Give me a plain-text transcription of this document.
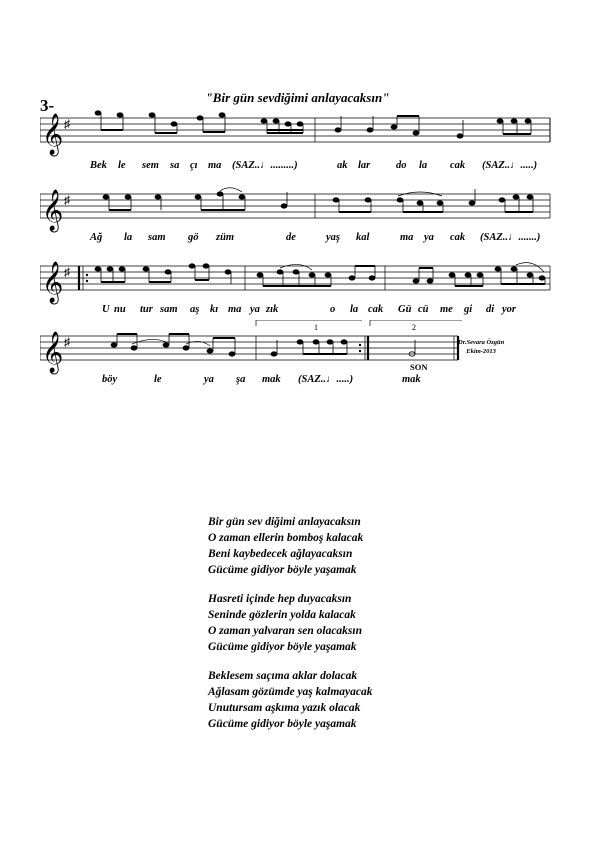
"Bir gün sevdiğimi anlayacaksın"
3-
𝄞 ♯
Bek le sem sa çı ma (SAZ..♩.........)	ak lar do la cak (SAZ..♩.....)
𝄞 ♯
Ağ la sam gö züm	de	yaş kal	ma ya cak (SAZ..♩.......)
𝄞 ♯
U nu tur sam aş kı ma ya zık	o la cak Gü cü me gi di yor
1	2
𝄞 ♯
böy	le	ya şa mak (SAZ..♩.....)	mak
SON
Dr.Sevara Özgün
Ekim-2013
Bir gün sev diğimi anlayacaksın
O zaman ellerin bomboş kalacak
Beni kaybedecek ağlayacaksın
Gücüme gidiyor böyle yaşamak
Hasreti içinde hep duyacaksın
Seninde gözlerin yolda kalacak
O zaman yalvaran sen olacaksın
Gücüme gidiyor böyle yaşamak
Beklesem saçıma aklar dolacak
Ağlasam gözümde yaş kalmayacak
Unutursam aşkıma yazık olacak
Gücüme gidiyor böyle yaşamak
